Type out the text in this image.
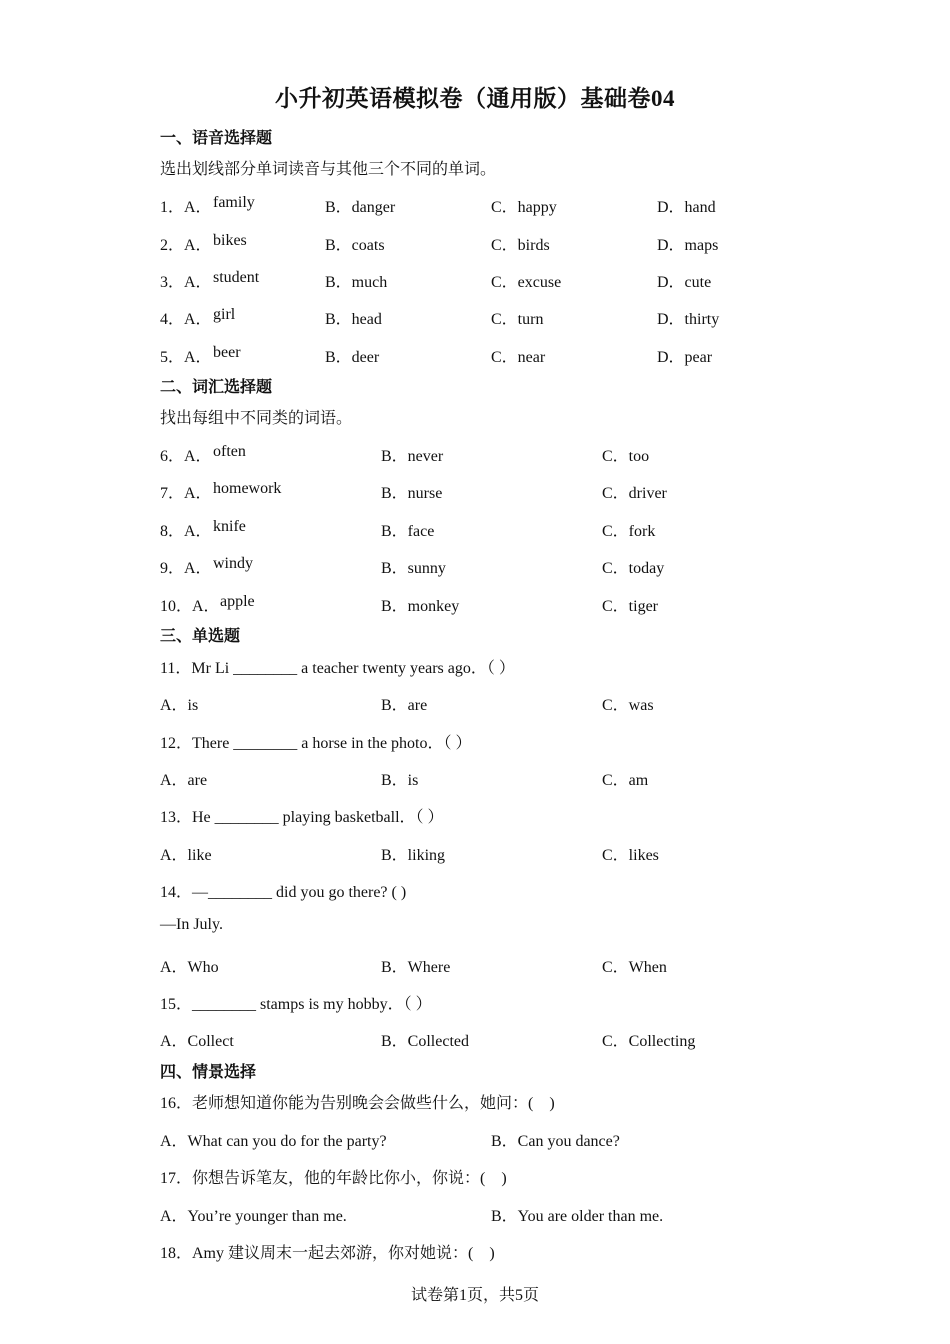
小升初英语模拟卷（通用版）基础卷04
一、语音选择题
选出划线部分单词读音与其他三个不同的单词。
1．A． family	B．danger	C．happy	D．hand
2．A． bikes	B．coats	C．birds	D．maps
3．A． student	B．much	C．excuse	D．cute
4．A． girl	B．head	C．turn	D．thirty
5．A． beer	B．deer	C．near	D．pear
二、词汇选择题
找出每组中不同类的词语。
6．A． often	B．never	C．too
7．A． homework	B．nurse	C．driver
8．A． knife	B．face	C．fork
9．A． windy	B．sunny	C．today
10．A． apple	B．monkey	C．tiger
三、单选题
11．Mr Li ________ a teacher twenty years ago．（ ）
A．is	B．are	C．was
12．There ________ a horse in the photo．（ ）
A．are	B．is	C．am
13．He ________ playing basketball．（ ）
A．like	B．liking	C．likes
14．—________ did you go there? ( )
—In July.
A．Who	B．Where	C．When
15．________ stamps is my hobby．（ ）
A．Collect	B．Collected	C．Collecting
四、情景选择
16．老师想知道你能为告别晚会会做些什么，她问：(　)
A．What can you do for the party?	B．Can you dance?
17．你想告诉笔友，他的年龄比你小，你说：(　)
A．You’re younger than me.	B．You are older than me.
18．Amy 建议周末一起去郊游，你对她说：(　)
试卷第1页，共5页
